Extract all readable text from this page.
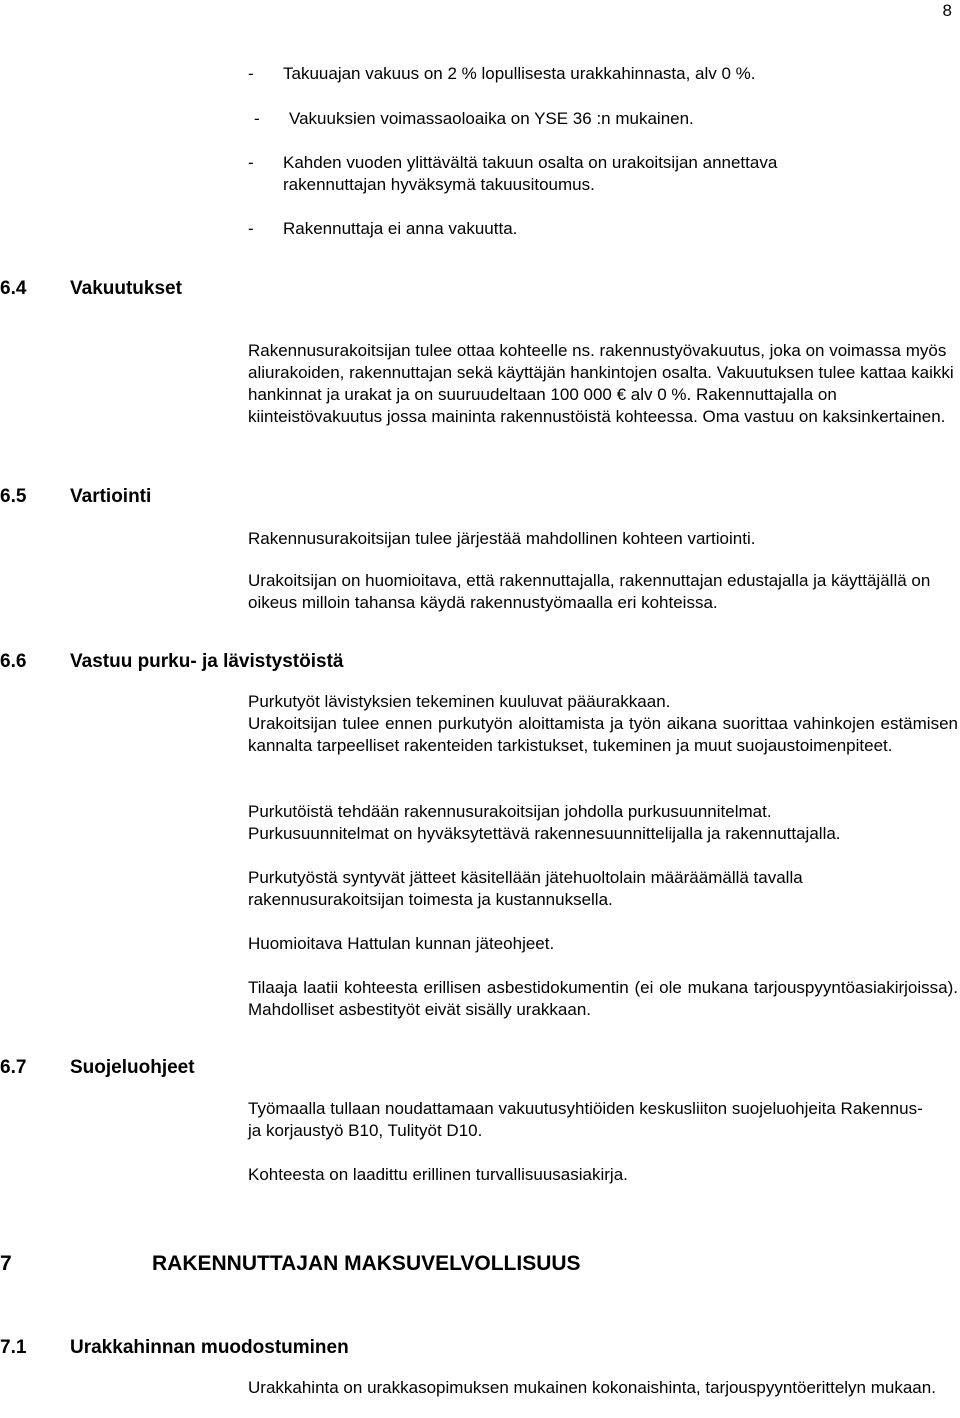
8
-	Takuuajan vakuus on 2 % lopullisesta urakkahinnasta, alv 0 %.
-	Vakuuksien voimassaoloaika on YSE 36 :n mukainen.
-	Kahden vuoden ylittävältä takuun osalta on urakoitsijan annettava rakennuttajan hyväksymä takuusitoumus.
-	Rakennuttaja ei anna vakuutta.
6.4 Vakuutukset

Rakennusurakoitsijan tulee ottaa kohteelle ns. rakennustyövakuutus, joka on voimassa myös aliurakoiden, rakennuttajan sekä käyttäjän hankintojen osalta. Vakuutuksen tulee kattaa kaikki hankinnat ja urakat ja on suuruudeltaan 100 000 € alv 0 %. Rakennuttajalla on kiinteistövakuutus jossa maininta rakennustöistä kohteessa. Oma vastuu on kaksinkertainen.

6.5 Vartiointi

Rakennusurakoitsijan tulee järjestää mahdollinen kohteen vartiointi.

Urakoitsijan on huomioitava, että rakennuttajalla, rakennuttajan edustajalla ja käyttäjällä on oikeus milloin tahansa käydä rakennustyömaalla eri kohteissa.

6.6 Vastuu purku- ja lävistystöistä

Purkutyöt lävistyksien tekeminen kuuluvat pääurakkaan.

Urakoitsijan tulee ennen purkutyön aloittamista ja työn aikana suorittaa vahinkojen estämisen kannalta tarpeelliset rakenteiden tarkistukset, tukeminen ja muut suojaustoimenpiteet.

Purkutöistä tehdään rakennusurakoitsijan johdolla purkusuunnitelmat.

Purkusuunnitelmat on hyväksytettävä rakennesuunnittelijalla ja rakennuttajalla.

Purkutyöstä syntyvät jätteet käsitellään jätehuoltolain määräämällä tavalla rakennusurakoitsijan toimesta ja kustannuksella.

Huomioitava Hattulan kunnan jäteohjeet.

Tilaaja laatii kohteesta erillisen asbestidokumentin (ei ole mukana tarjouspyyntöasiakirjoissa). Mahdolliset asbestityöt eivät sisälly urakkaan.

6.7 Suojeluohjeet

Työmaalla tullaan noudattamaan vakuutusyhtiöiden keskusliiton suojeluohjeita Rakennus- ja korjaustyö B10, Tulityöt D10.

Kohteesta on laadittu erillinen turvallisuusasiakirja.

7	RAKENNUTTAJAN MAKSUVELVOLLISUUS
7.1 Urakkahinnan muodostuminen

Urakkahinta on urakkasopimuksen mukainen kokonaishinta, tarjouspyyntöerittelyn mukaan.
